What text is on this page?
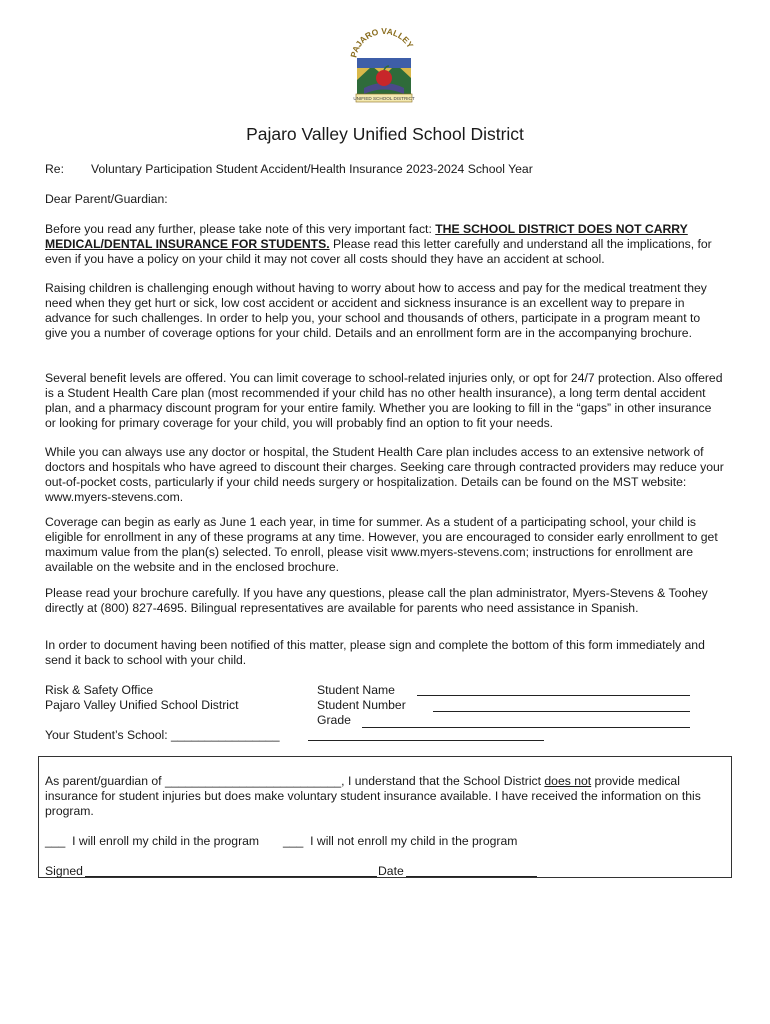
PAJARO VALLEY
UNIFIED SCHOOL DISTRICT
Pajaro Valley Unified School District
Re: Voluntary Participation Student Accident/Health Insurance 2023-2024 School Year
Dear Parent/Guardian:
Before you read any further, please take note of this very important fact: THE SCHOOL DISTRICT DOES NOT CARRY MEDICAL/DENTAL INSURANCE FOR STUDENTS. Please read this letter carefully and understand all the implications, for even if you have a policy on your child it may not cover all costs should they have an accident at school.
Raising children is challenging enough without having to worry about how to access and pay for the medical treatment they need when they get hurt or sick, low cost accident or accident and sickness insurance is an excellent way to prepare in advance for such challenges. In order to help you, your school and thousands of others, participate in a program meant to give you a number of coverage options for your child. Details and an enrollment form are in the accompanying brochure.
Several benefit levels are offered. You can limit coverage to school-related injuries only, or opt for 24/7 protection. Also offered is a Student Health Care plan (most recommended if your child has no other health insurance), a long term dental accident plan, and a pharmacy discount program for your entire family. Whether you are looking to fill in the “gaps” in other insurance or looking for primary coverage for your child, you will probably find an option to fit your needs.
While you can always use any doctor or hospital, the Student Health Care plan includes access to an extensive network of doctors and hospitals who have agreed to discount their charges. Seeking care through contracted providers may reduce your out-of-pocket costs, particularly if your child needs surgery or hospitalization. Details can be found on the MST website: www.myers-stevens.com.
Coverage can begin as early as June 1 each year, in time for summer. As a student of a participating school, your child is eligible for enrollment in any of these programs at any time. However, you are encouraged to consider early enrollment to get maximum value from the plan(s) selected. To enroll, please visit www.myers-stevens.com; instructions for enrollment are available on the website and in the enclosed brochure.
Please read your brochure carefully. If you have any questions, please call the plan administrator, Myers-Stevens & Toohey directly at (800) 827-4695. Bilingual representatives are available for parents who need assistance in Spanish.
In order to document having been notified of this matter, please sign and complete the bottom of this form immediately and send it back to school with your child.
Risk & Safety Office
Pajaro Valley Unified School District
Student Name
Student Number
Grade
Your Student’s School: ________________
As parent/guardian of __________________________, I understand that the School District does not provide medical insurance for student injuries but does make voluntary student insurance available. I have received the information on this program.
___ I will enroll my child in the program ___ I will not enroll my child in the program
Signed	Date
